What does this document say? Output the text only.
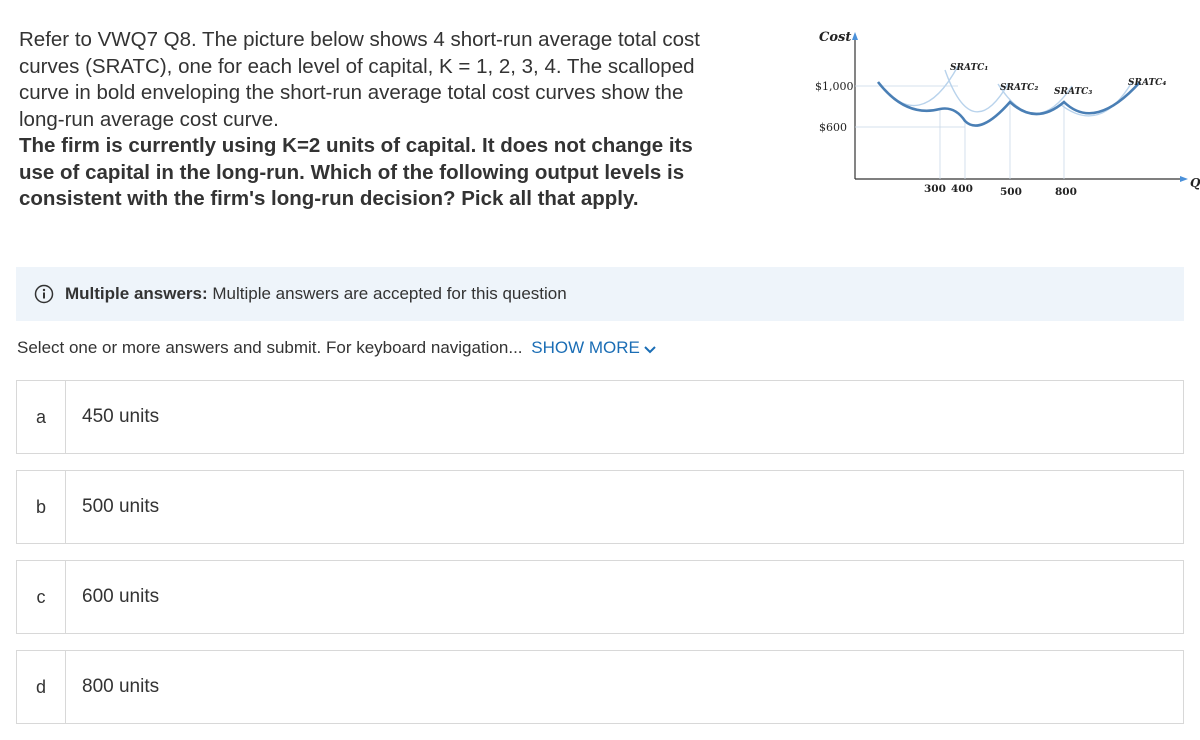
Refer to VWQ7 Q8. The picture below shows 4 short-run average total cost curves (SRATC), one for each level of capital, K = 1, 2, 3, 4. The scalloped curve in bold enveloping the short-run average total cost curves show the long-run average cost curve.
The firm is currently using K=2 units of capital. It does not change its use of capital in the long-run. Which of the following output levels is consistent with the firm's long-run decision? Pick all that apply.
Cost
Q
$1,000
$600
SRATC₁
SRATC₂ SRATC₃
SRATC₄
300 400	500	800
Multiple answers: Multiple answers are accepted for this question
Select one or more answers and submit. For keyboard navigation... SHOW MORE
a	450 units
b	500 units
c	600 units
d	800 units
